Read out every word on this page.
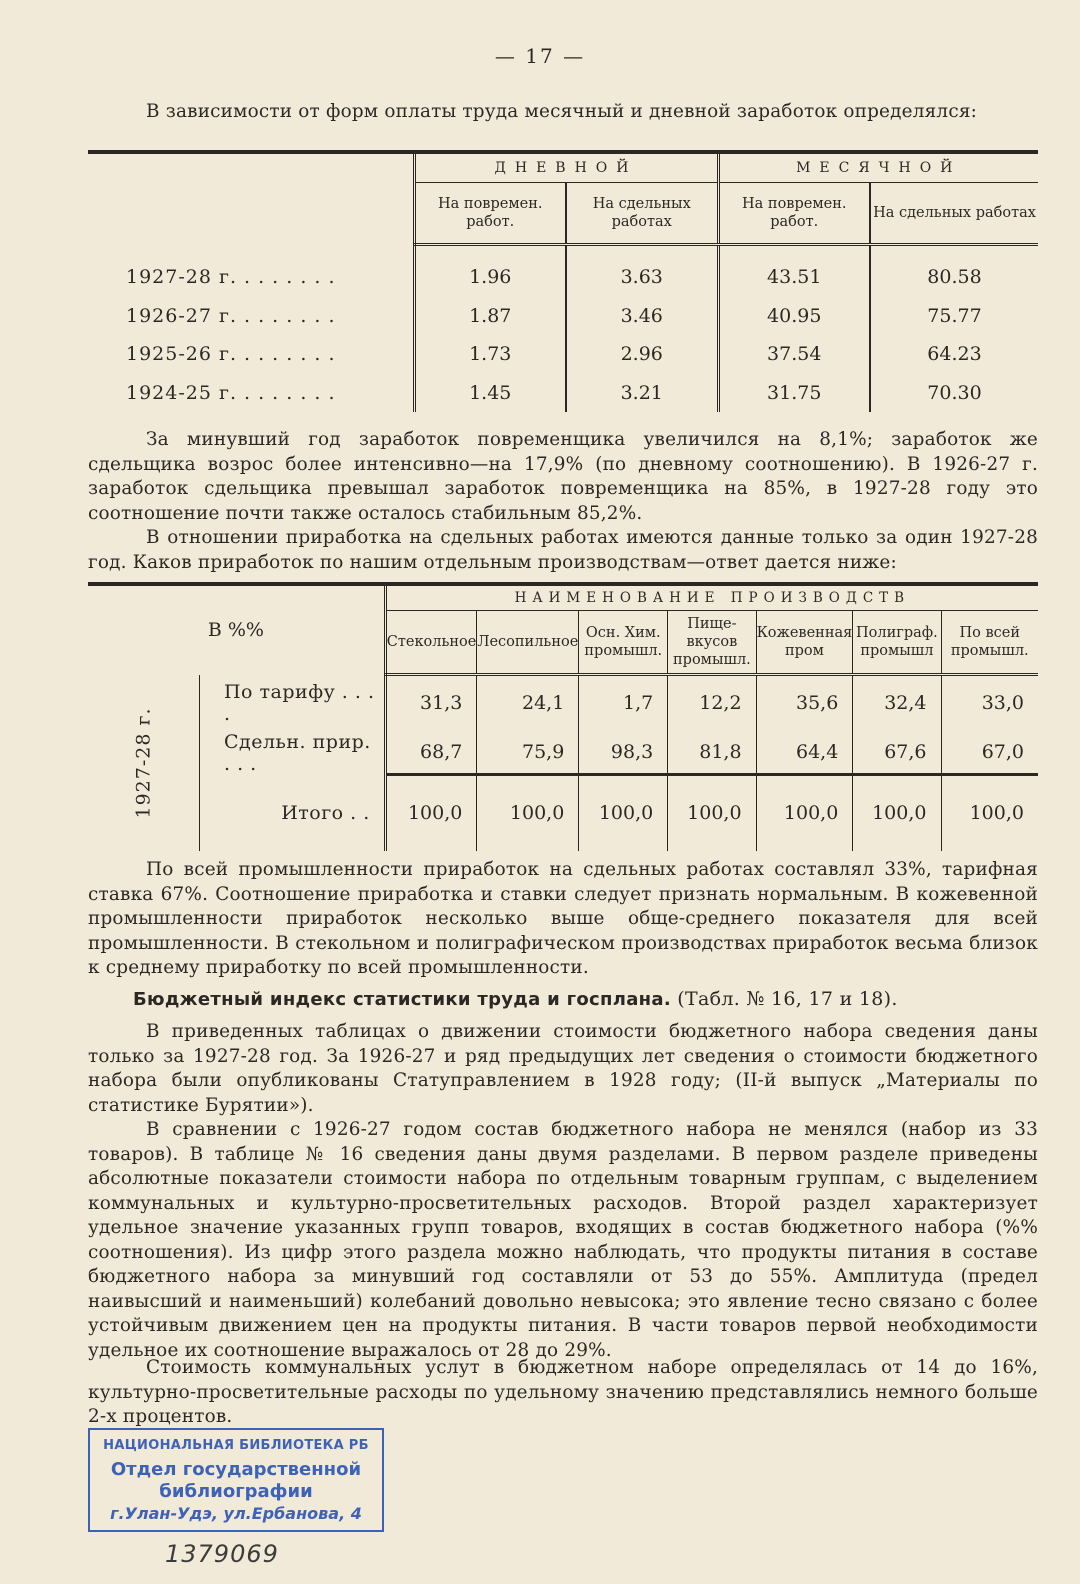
— 17 —
В зависимости от форм оплаты труда месячный и дневной заработок определялся:
	ДНЕВНОЙ		МЕСЯЧНОЙ	
	На повремен. работ.	На сдельных работах	На повремен. работ.	На сдельных работах

1927-28 г. . . . . . . .	1.96	3.63	43.51	80.58
1926-27 г. . . . . . . .	1.87	3.46	40.95	75.77
1925-26 г. . . . . . . .	1.73	2.96	37.54	64.23
1924-25 г. . . . . . . .	1.45	3.21	31.75	70.30
За минувший год заработок повременщика увеличился на 8,1%; заработок же сдельщика возрос более интенсивно—на 17,9% (по дневному соотношению). В 1926-27 г. заработок сдельщика превышал заработок повременщика на 85%, в 1927-28 году это соотношение почти также осталось стабильным 85,2%.
В отношении приработка на сдельных работах имеются данные только за один 1927-28 год. Каков приработок по нашим отдельным производствам—ответ дается ниже:
В %%		НАИМЕНОВАНИЕ ПРОИЗВОДСТВ						
		Стекольное	Лесопильное	Осн. Хим. промышл.	Пище-вкусов промышл.	Кожевенная пром	Полиграф. промышл	По всей промышл.
1927-28 г.	По тарифу . . . .	31,3	24,1	1,7	12,2	35,6	32,4	33,0
	Сдельн. прир. . . .	68,7	75,9	98,3	81,8	64,4	67,6	67,0
	Итого . .	100,0	100,0	100,0	100,0	100,0	100,0	100,0
По всей промышленности приработок на сдельных работах составлял 33%, тарифная ставка 67%. Соотношение приработка и ставки следует признать нормальным. В кожевенной промышленности приработок несколько выше обще-среднего показателя для всей промышленности. В стекольном и полиграфическом производствах приработок весьма близок к среднему приработку по всей промышленности.
Бюджетный индекс статистики труда и госплана. (Табл. № 16, 17 и 18).
В приведенных таблицах о движении стоимости бюджетного набора сведения даны только за 1927-28 год. За 1926-27 и ряд предыдущих лет сведения о стоимости бюджетного набора были опубликованы Статуправлением в 1928 году; (II-й выпуск „Материалы по статистике Бурятии»).
В сравнении с 1926-27 годом состав бюджетного набора не менялся (набор из 33 товаров). В таблице № 16 сведения даны двумя разделами. В первом разделе приведены абсолютные показатели стоимости набора по отдельным товарным группам, с выделением коммунальных и культурно-просветительных расходов. Второй раздел характеризует удельное значение указанных групп товаров, входящих в состав бюджетного набора (%% соотношения). Из цифр этого раздела можно наблюдать, что продукты питания в составе бюджетного набора за минувший год составляли от 53 до 55%. Амплитуда (предел наивысший и наименьший) колебаний довольно невысока; это явление тесно связано с более устойчивым движением цен на продукты питания. В части товаров первой необходимости удельное их соотношение выражалось от 28 до 29%.
Стоимость коммунальных услут в бюджетном наборе определялась от 14 до 16%, культурно-просветительные расходы по удельному значению представлялись немного больше 2-х процентов.
НАЦИОНАЛЬНАЯ БИБЛИОТЕКА РБ
Отдел государственной
библиографии
г.Улан-Удэ, ул.Ербанова, 4
1379069
